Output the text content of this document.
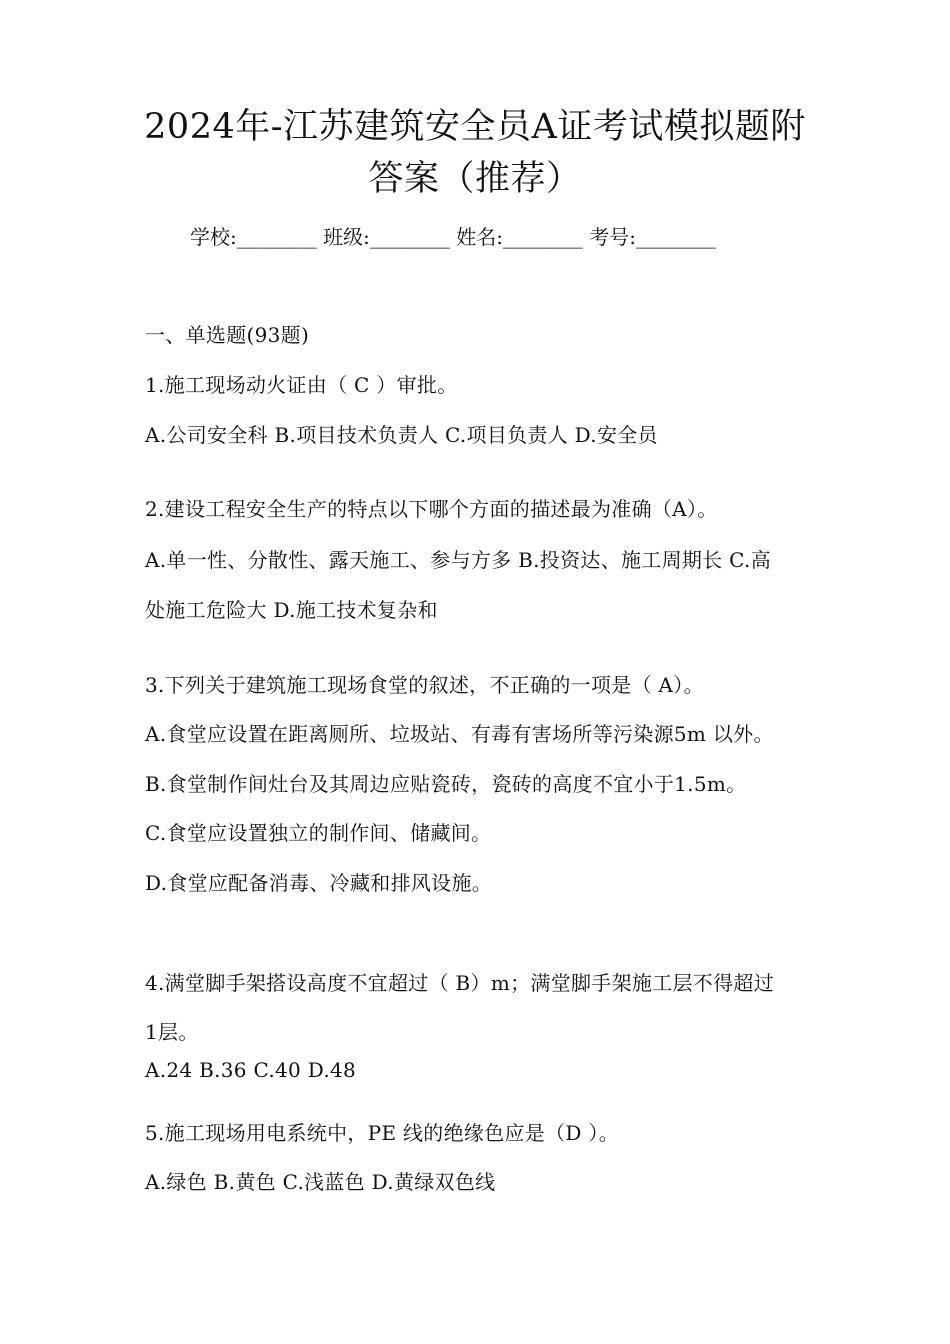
2024年-江苏建筑安全员A证考试模拟题附
答案（推荐）
学校:________ 班级:________ 姓名:________ 考号:________
一、单选题(93题)
1.施工现场动火证由（ C ）审批。
A.公司安全科 B.项目技术负责人 C.项目负责人 D.安全员
2.建设工程安全生产的特点以下哪个方面的描述最为准确（A）。
A.单一性、分散性、露天施工、参与方多 B.投资达、施工周期长 C.高
处施工危险大 D.施工技术复杂和
3.下列关于建筑施工现场食堂的叙述，不正确的一项是（ A）。
A.食堂应设置在距离厕所、垃圾站、有毒有害场所等污染源5m 以外。
B.食堂制作间灶台及其周边应贴瓷砖，瓷砖的高度不宜小于1.5m。
C.食堂应设置独立的制作间、储藏间。
D.食堂应配备消毒、冷藏和排风设施。
4.满堂脚手架搭设高度不宜超过（ B）m；满堂脚手架施工层不得超过
1层。
A.24 B.36 C.40 D.48
5.施工现场用电系统中，PE 线的绝缘色应是（D ）。
A.绿色 B.黄色 C.浅蓝色 D.黄绿双色线
